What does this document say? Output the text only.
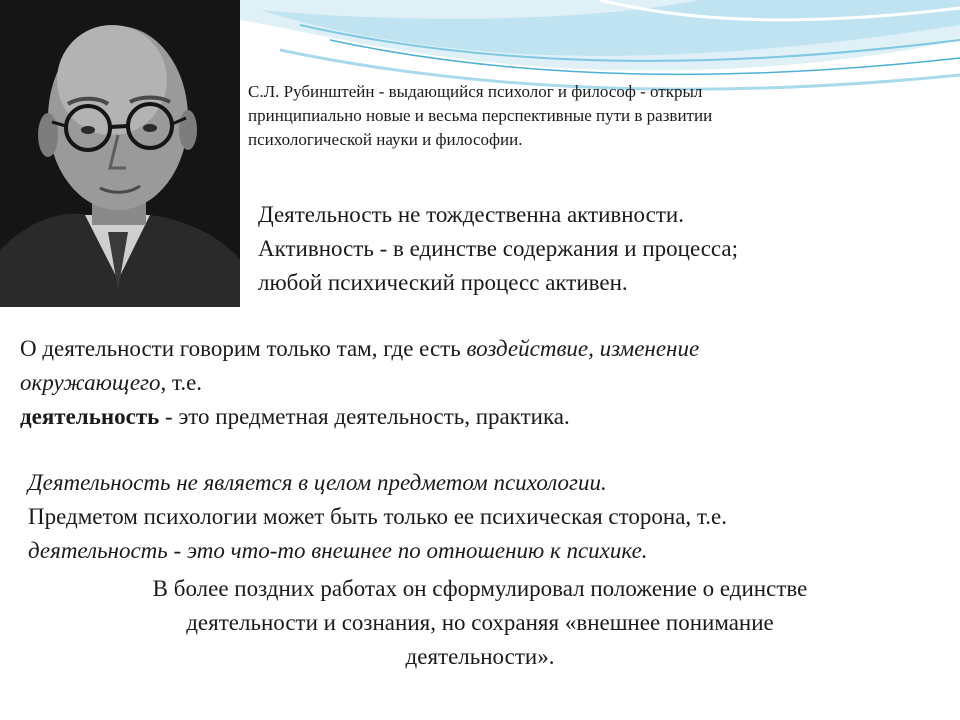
С.Л. Рубинштейн - выдающийся психолог и философ - открыл принципиально новые и весьма перспективные пути в развитии психологической науки и философии.
Деятельность не тождественна активности.
Активность - в единстве содержания и процесса;
любой психический процесс активен.
О деятельности говорим только там, где есть воздействие, изменение
окружающего, т.е.
деятельность - это предметная деятельность, практика.
Деятельность не является в целом предметом психологии.
Предметом психологии может быть только ее психическая сторона, т.е.
деятельность - это что-то внешнее по отношению к психике.
В более поздних работах он сформулировал положение о единстве
деятельности и сознания, но сохраняя «внешнее понимание
деятельности».
